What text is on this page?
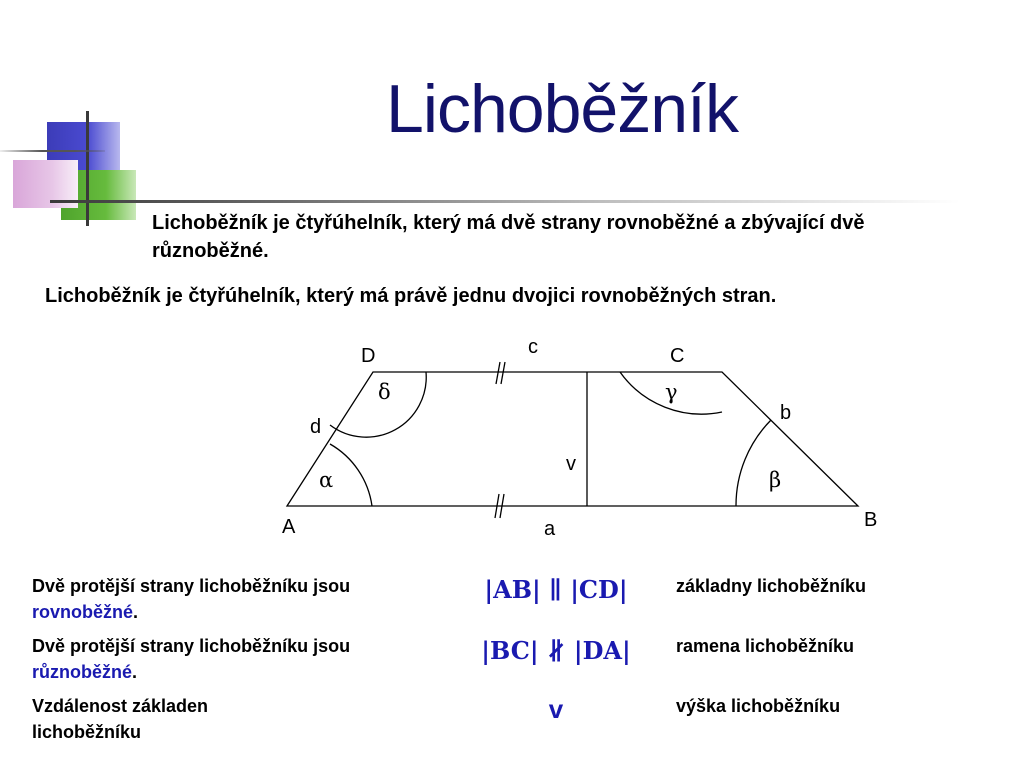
Lichoběžník
Lichoběžník je čtyřúhelník, který má dvě strany rovnoběžné a zbývající dvě různoběžné.
Lichoběžník je čtyřúhelník, který má právě jednu dvojici rovnoběžných stran.
A	B
C
D
a
b
c
d
v
α	β
γ
δ
Dvě protější strany lichoběžníku jsou
rovnoběžné.
|AB| ∥ |CD|	základny lichoběžníku
Dvě protější strany lichoběžníku jsou
různoběžné.
|BC| ∦ |DA|	ramena lichoběžníku
Vzdálenost základen lichoběžníku
v	výška lichoběžníku
